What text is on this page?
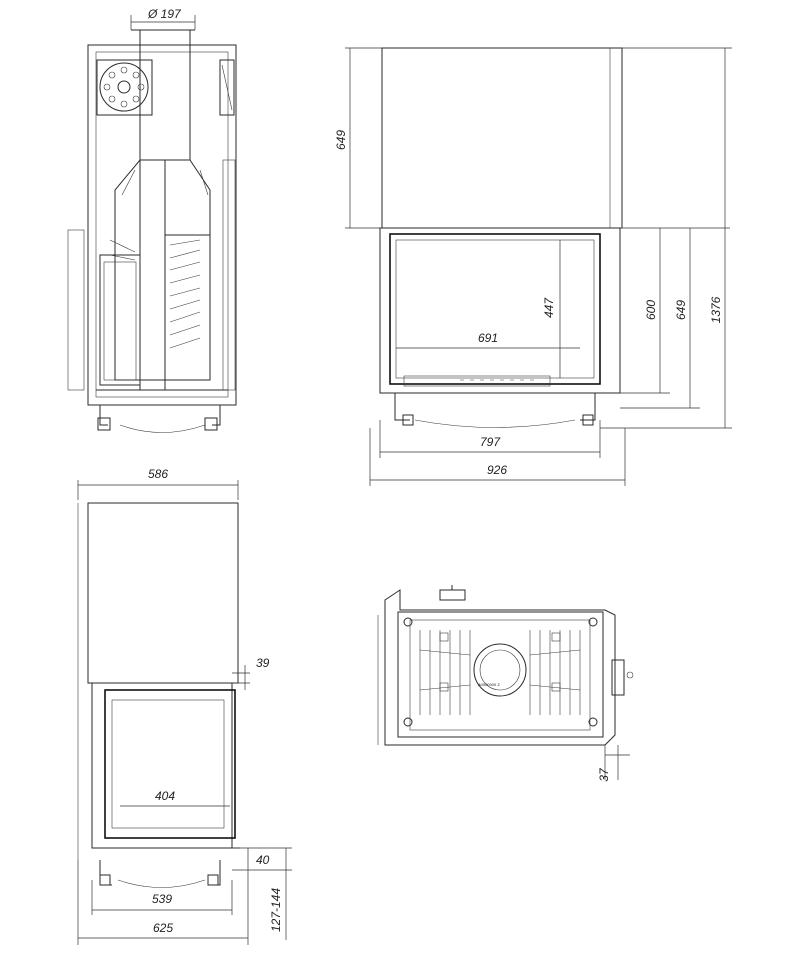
Ø 197
649
447
691
600 649 1376
797
926
586
39
404
40
127-144
539
625
A0000000 Z
37
